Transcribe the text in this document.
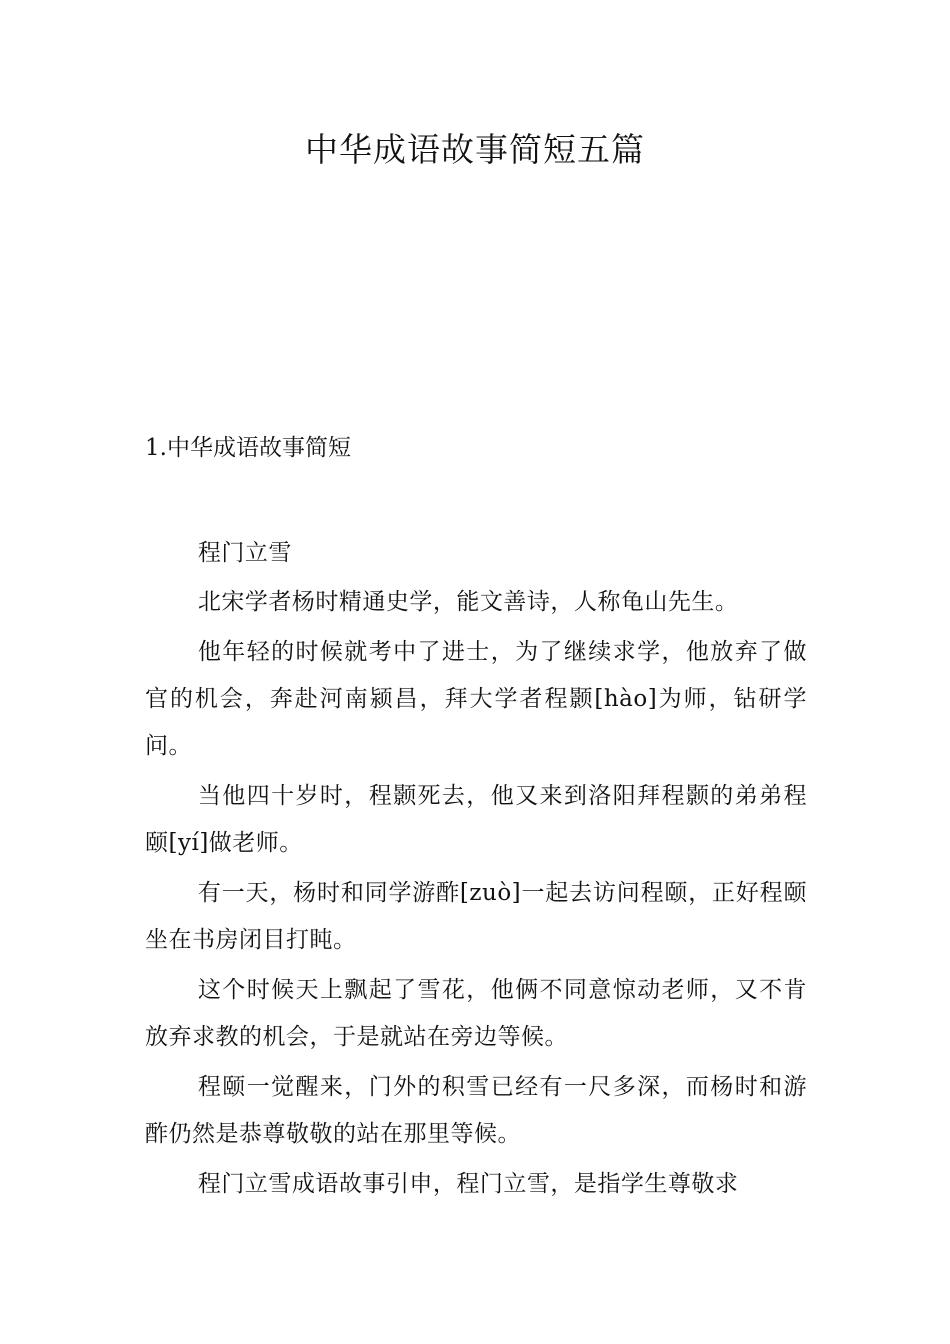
中华成语故事简短五篇
1.中华成语故事简短

程门立雪

北宋学者杨时精通史学，能文善诗，人称龟山先生。

他年轻的时候就考中了进士，为了继续求学，他放弃了做官的机会，奔赴河南颍昌，拜大学者程颢[hào]为师，钻研学问。

当他四十岁时，程颢死去，他又来到洛阳拜程颢的弟弟程颐[yí]做老师。

有一天，杨时和同学游酢[zuò]一起去访问程颐，正好程颐坐在书房闭目打盹。

这个时候天上飘起了雪花，他俩不同意惊动老师，又不肯放弃求教的机会，于是就站在旁边等候。

程颐一觉醒来，门外的积雪已经有一尺多深，而杨时和游酢仍然是恭尊敬敬的站在那里等候。

程门立雪成语故事引申，程门立雪，是指学生尊敬求
